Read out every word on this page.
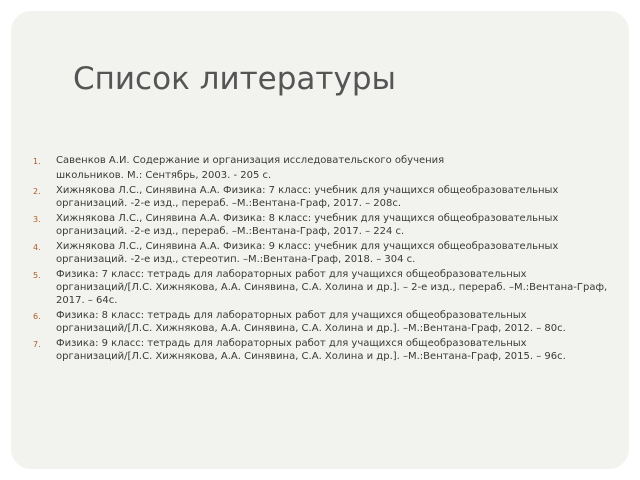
Список литературы
1. Савенков А.И. Содержание и организация исследовательского обучения
школьников. М.: Сентябрь, 2003. - 205 с.
2. Хижнякова Л.С., Синявина А.А. Физика: 7 класс: учебник для учащихся общеобразовательных организаций. -2-е изд., перераб. –М.:Вентана-Граф, 2017. – 208с.
3. Хижнякова Л.С., Синявина А.А. Физика: 8 класс: учебник для учащихся общеобразовательных организаций. -2-е изд., перераб. –М.:Вентана-Граф, 2017. – 224 с.
4. Хижнякова Л.С., Синявина А.А. Физика: 9 класс: учебник для учащихся общеобразовательных организаций. -2-е изд., стереотип. –М.:Вентана-Граф, 2018. – 304 с.
5. Физика: 7 класс: тетрадь для лабораторных работ для учащихся общеобразовательных организаций/[Л.С. Хижнякова, А.А. Синявина, С.А. Холина и др.]. – 2-е изд., перераб. –М.:Вентана-Граф, 2017. – 64с.
6. Физика: 8 класс: тетрадь для лабораторных работ для учащихся общеобразовательных организаций/[Л.С. Хижнякова, А.А. Синявина, С.А. Холина и др.]. –М.:Вентана-Граф, 2012. – 80с.
7. Физика: 9 класс: тетрадь для лабораторных работ для учащихся общеобразовательных организаций/[Л.С. Хижнякова, А.А. Синявина, С.А. Холина и др.]. –М.:Вентана-Граф, 2015. – 96с.
